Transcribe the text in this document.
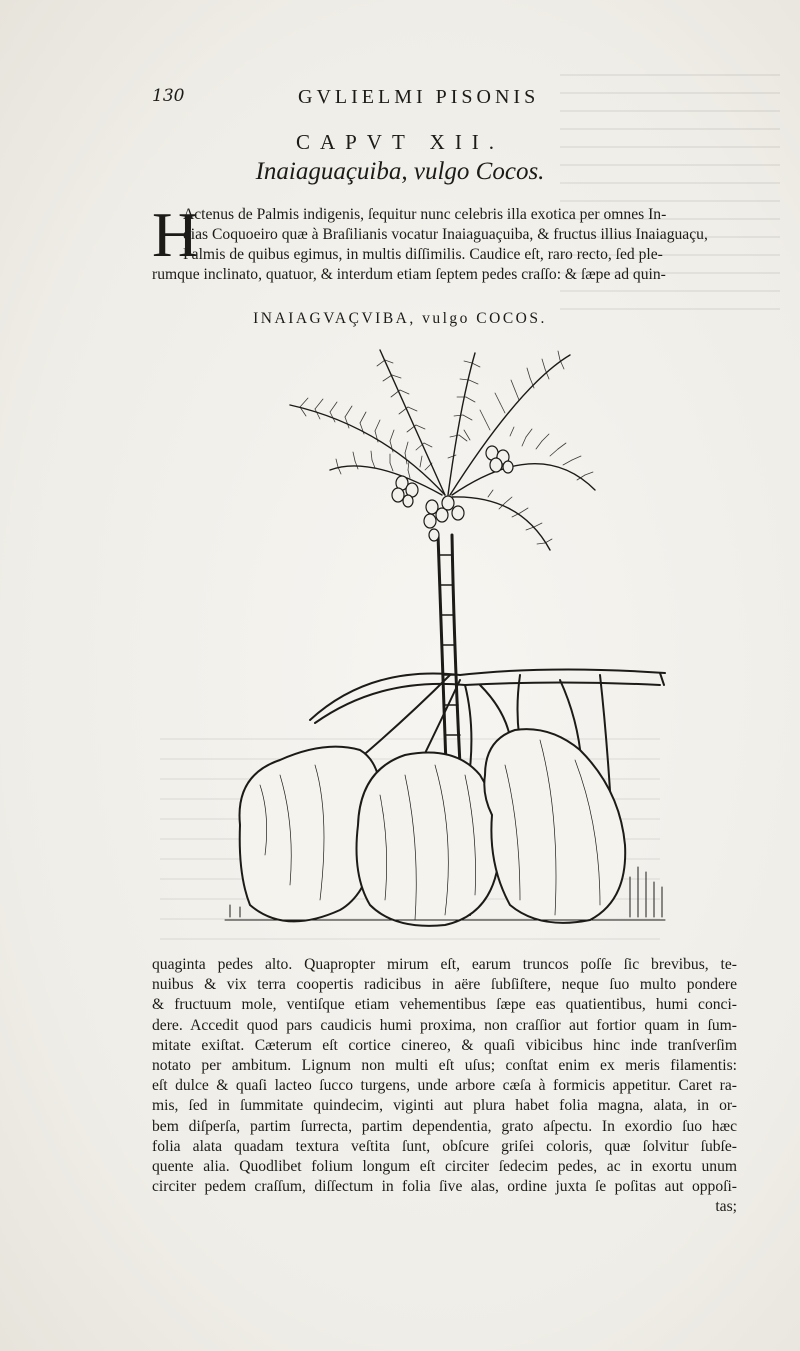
130	GVLIELMI PISONIS
CAPVT XII.
Inaiaguaçuiba, vulgo Cocos.
H
Actenus de Palmis indigenis, ſequitur nunc celebris illa exotica per omnes In-
dias Coquoeiro quæ à Braſilianis vocatur Inaiaguaçuiba, & fructus illius Inaiaguaçu,
Palmis de quibus egimus, in multis diſſimilis. Caudice eſt, raro recto, ſed ple-
rumque inclinato, quatuor, & interdum etiam ſeptem pedes craſſo: & ſæpe ad quin-
INAIAGVAÇVIBA, vulgo COCOS.
quaginta pedes alto. Quapropter mirum eſt, earum truncos poſſe ſic brevibus, te-
nuibus & vix terra coopertis radicibus in aëre ſubſiſtere, neque ſuo multo pondere
& fructuum mole, ventiſque etiam vehementibus ſæpe eas quatientibus, humi conci-
dere. Accedit quod pars caudicis humi proxima, non craſſior aut fortior quam in ſum-
mitate exiſtat. Cæterum eſt cortice cinereo, & quaſi vibicibus hinc inde tranſverſim
notato per ambitum. Lignum non multi eſt uſus; conſtat enim ex meris filamentis:
eſt dulce & quaſi lacteo ſucco turgens, unde arbore cæſa à formicis appetitur. Caret ra-
mis, ſed in ſummitate quindecim, viginti aut plura habet folia magna, alata, in or-
bem diſperſa, partim ſurrecta, partim dependentia, grato aſpectu. In exordio ſuo hæc
folia alata quadam textura veſtita ſunt, obſcure griſei coloris, quæ ſolvitur ſubſe-
quente alia. Quodlibet folium longum eſt circiter ſedecim pedes, ac in exortu unum
circiter pedem craſſum, diſſectum in folia ſive alas, ordine juxta ſe poſitas aut oppoſi-
tas;
